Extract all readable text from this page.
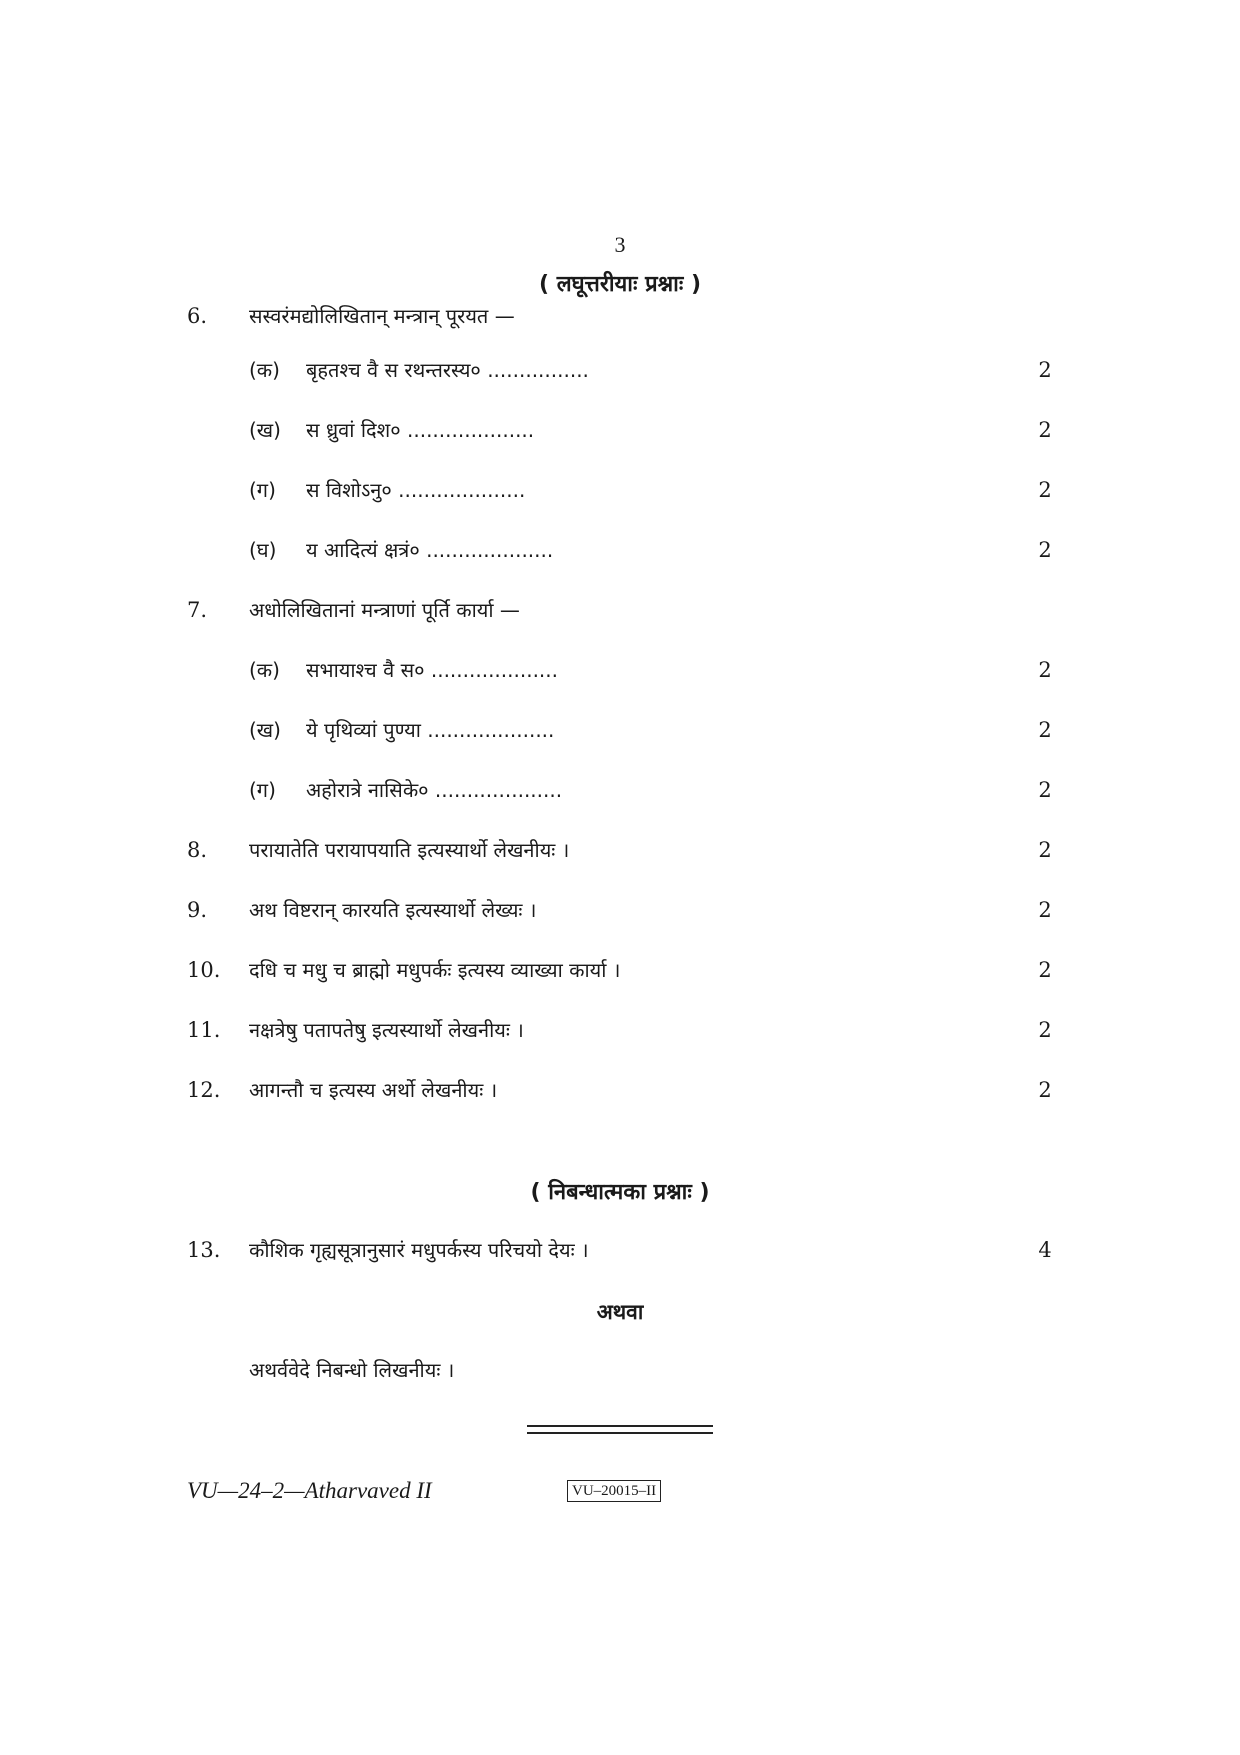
3
( लघूत्तरीयाः प्रश्नाः )
6. सस्वरंमद्योलिखितान् मन्त्रान् पूरयत —
(क) बृहतश्च वै स रथन्तरस्य० ................	2
(ख) स ध्रुवां दिश० ....................	2
(ग) स विशोऽनु० ....................	2
(घ) य आदित्यं क्षत्रं० ....................	2
7. अधोलिखितानां मन्त्राणां पूर्ति कार्या —
(क) सभायाश्च वै स० ....................	2
(ख) ये पृथिव्यां पुण्या ....................	2
(ग) अहोरात्रे नासिके० ....................	2
8. परायातेति परायापयाति इत्यस्यार्थो लेखनीयः ।	2
9. अथ विष्टरान् कारयति इत्यस्यार्थो लेख्यः ।	2
10. दधि च मधु च ब्राह्मो मधुपर्कः इत्यस्य व्याख्या कार्या ।	2
11. नक्षत्रेषु पतापतेषु इत्यस्यार्थो लेखनीयः ।	2
12. आगन्तौ च इत्यस्य अर्थो लेखनीयः ।	2
( निबन्धात्मका प्रश्नाः )
13. कौशिक गृह्यसूत्रानुसारं मधुपर्कस्य परिचयो देयः ।	4
अथवा
अथर्ववेदे निबन्धो लिखनीयः ।
VU—24–2—Atharvaved II	VU–20015–II
